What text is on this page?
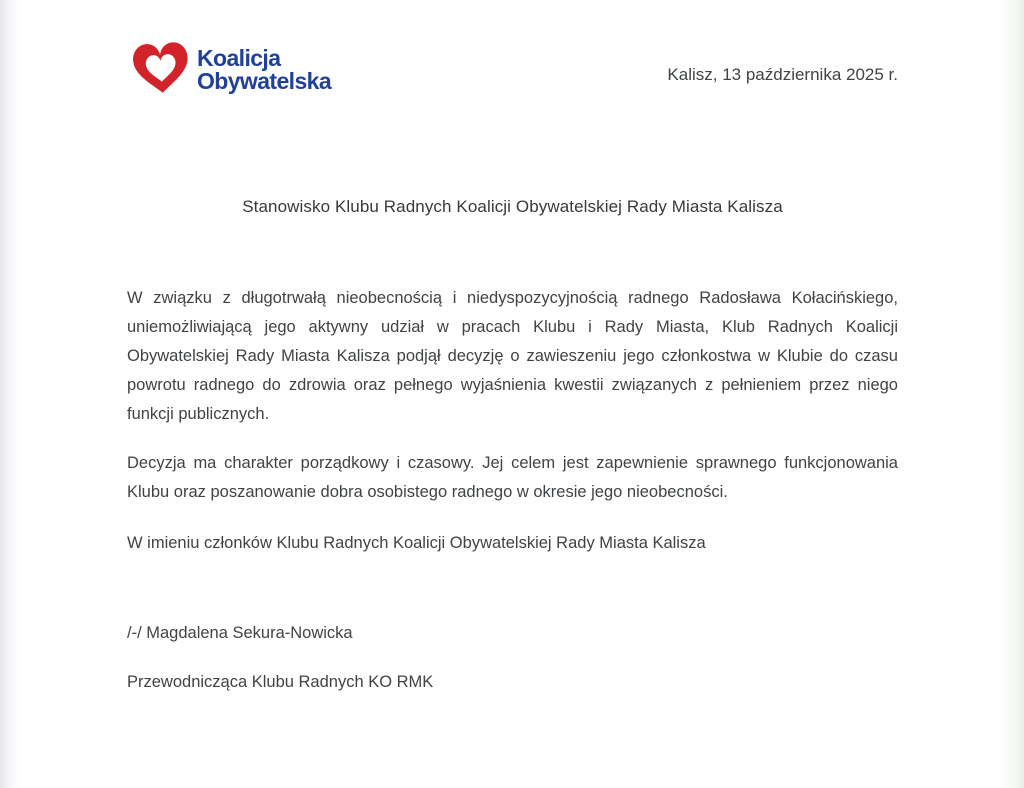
Koalicja
Obywatelska	Kalisz, 13 października 2025 r.
Stanowisko Klubu Radnych Koalicji Obywatelskiej Rady Miasta Kalisza

W związku z długotrwałą nieobecnością i niedyspozycyjnością radnego Radosława Kołacińskiego, uniemożliwiającą jego aktywny udział w pracach Klubu i Rady Miasta, Klub Radnych Koalicji Obywatelskiej Rady Miasta Kalisza podjął decyzję o zawieszeniu jego członkostwa w Klubie do czasu powrotu radnego do zdrowia oraz pełnego wyjaśnienia kwestii związanych z pełnieniem przez niego funkcji publicznych.

Decyzja ma charakter porządkowy i czasowy. Jej celem jest zapewnienie sprawnego funkcjonowania Klubu oraz poszanowanie dobra osobistego radnego w okresie jego nieobecności.

W imieniu członków Klubu Radnych Koalicji Obywatelskiej Rady Miasta Kalisza

/-/ Magdalena Sekura-Nowicka

Przewodnicząca Klubu Radnych KO RMK
